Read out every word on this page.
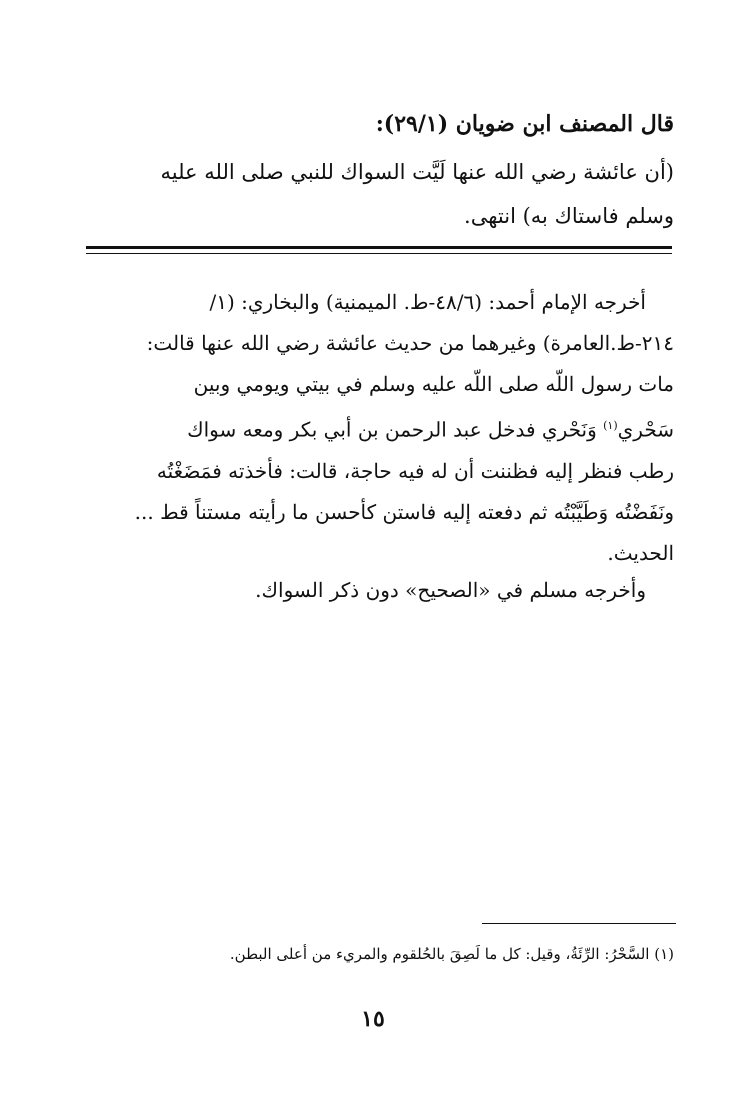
قال المصنف ابن ضويان (٢٩/١):
(أن عائشة رضي الله عنها لَيَّت السواك للنبي صلى الله عليه
وسلم فاستاك به) انتهى.
أخرجه الإمام أحمد: (٤٨/٦-ط. الميمنية) والبخاري: (١/
٢١٤-ط.العامرة) وغيرهما من حديث عائشة رضي الله عنها قالت:
مات رسول اللّه صلى اللّه عليه وسلم في بيتي ويومي وبين
سَحْري$^{(١)}$ وَنَحْري فدخل عبد الرحمن بن أبي بكر ومعه سواك
رطب فنظر إليه فظننت أن له فيه حاجة، قالت: فأخذته فمَضَغْتُه
ونَفَضْتُه وَطَيَّبْتُه ثم دفعته إليه فاستن كأحسن ما رأيته مستناً قط ...
الحديث.
وأخرجه مسلم في «الصحيح» دون ذكر السواك.
(١) السَّحْرُ: الرِّئَةُ، وقيل: كل ما لَصِقَ بالحُلقوم والمريء من أعلى البطن.
١٥
